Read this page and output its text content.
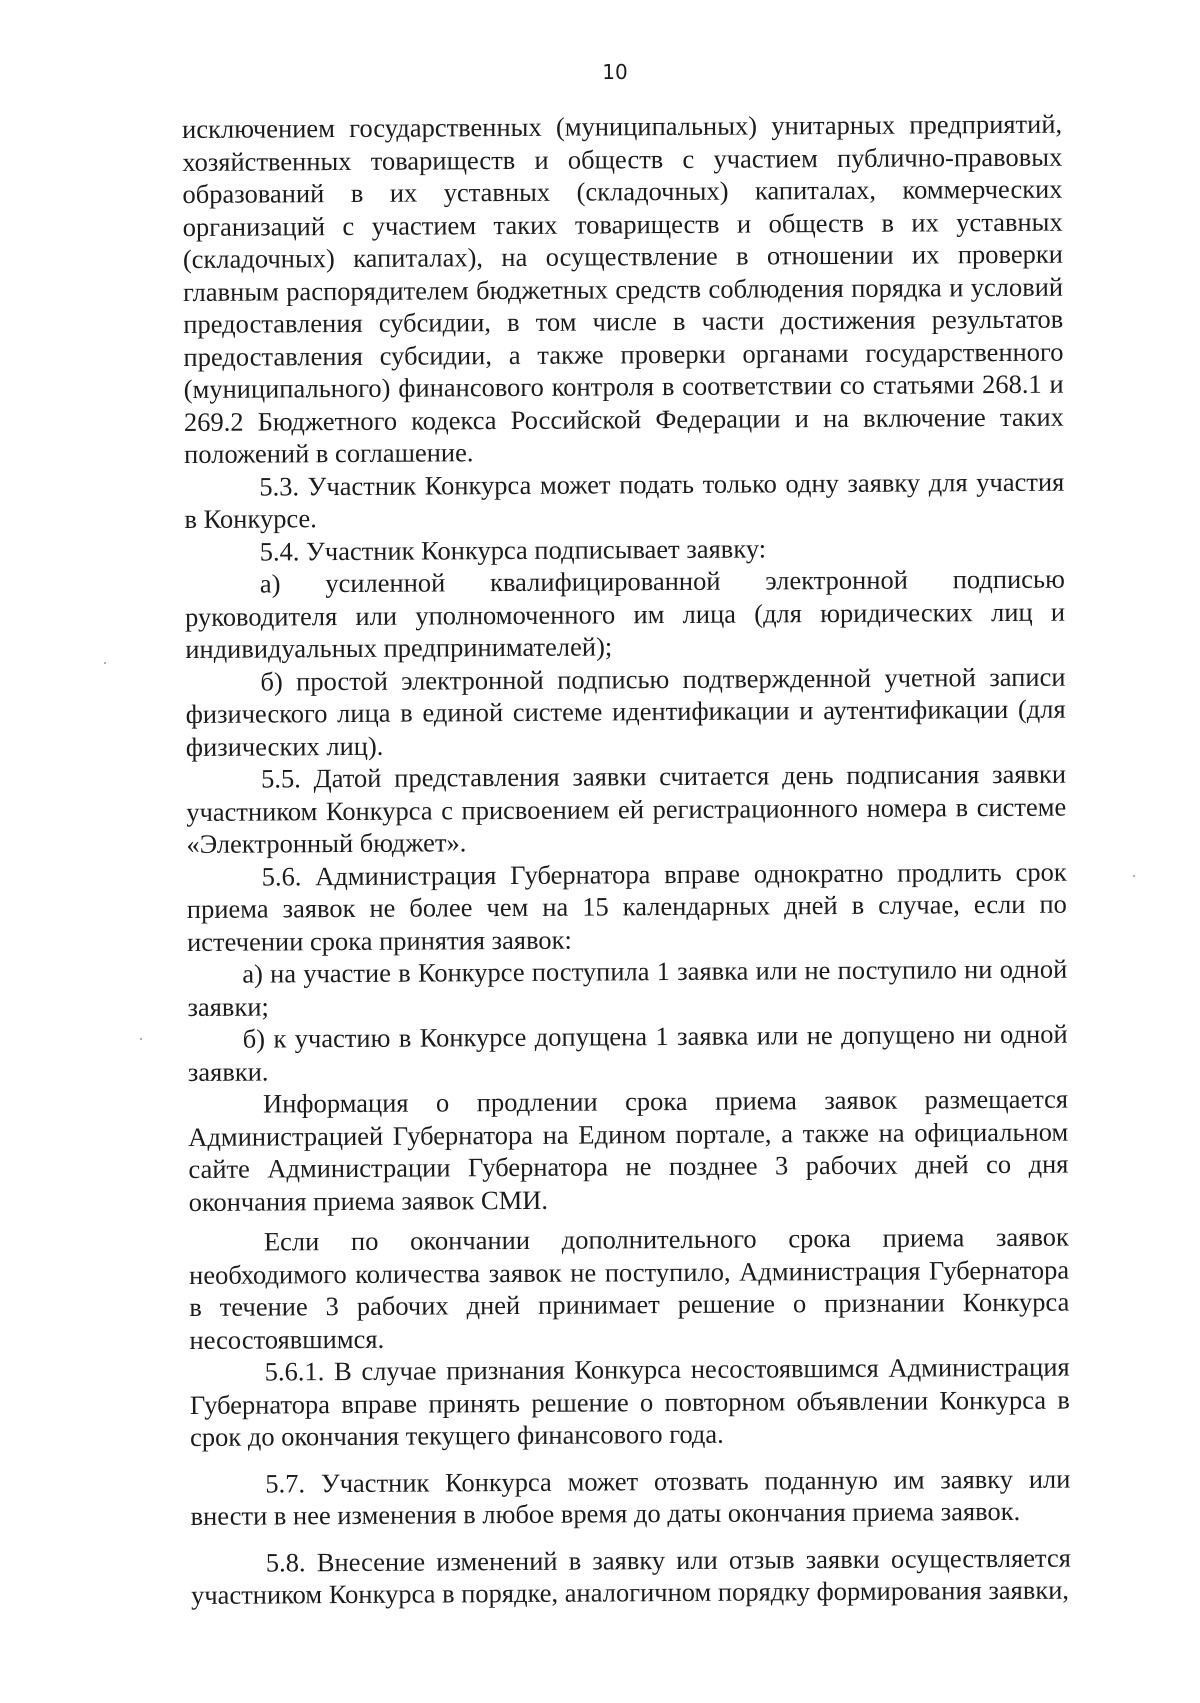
10

исключением государственных (муниципальных) унитарных предприятий, хозяйственных товариществ и обществ с участием публично-правовых образований в их уставных (складочных) капиталах, коммерческих организаций с участием таких товариществ и обществ в их уставных (складочных) капиталах), на осуществление в отношении их проверки главным распорядителем бюджетных средств соблюдения порядка и условий предоставления субсидии, в том числе в части достижения результатов предоставления субсидии, а также проверки органами государственного (муниципального) финансового контроля в соответствии со статьями 268.1 и 269.2 Бюджетного кодекса Российской Федерации и на включение таких положений в соглашение.

5.3. Участник Конкурса может подать только одну заявку для участия в Конкурсе.

5.4. Участник Конкурса подписывает заявку:

а) усиленной квалифицированной электронной подписью руководителя или уполномоченного им лица (для юридических лиц и индивидуальных предпринимателей);

б) простой электронной подписью подтвержденной учетной записи физического лица в единой системе идентификации и аутентификации (для физических лиц).

5.5. Датой представления заявки считается день подписания заявки участником Конкурса с присвоением ей регистрационного номера в системе «Электронный бюджет».

5.6. Администрация Губернатора вправе однократно продлить срок приема заявок не более чем на 15 календарных дней в случае, если по истечении срока принятия заявок:

а) на участие в Конкурсе поступила 1 заявка или не поступило ни одной заявки;

б) к участию в Конкурсе допущена 1 заявка или не допущено ни одной заявки.

Информация о продлении срока приема заявок размещается Администрацией Губернатора на Едином портале, а также на официальном сайте Администрации Губернатора не позднее 3 рабочих дней со дня окончания приема заявок СМИ.

Если по окончании дополнительного срока приема заявок необходимого количества заявок не поступило, Администрация Губернатора в течение 3 рабочих дней принимает решение о признании Конкурса несостоявшимся.

5.6.1. В случае признания Конкурса несостоявшимся Администрация Губернатора вправе принять решение о повторном объявлении Конкурса в срок до окончания текущего финансового года.

5.7. Участник Конкурса может отозвать поданную им заявку или внести в нее изменения в любое время до даты окончания приема заявок.

5.8. Внесение изменений в заявку или отзыв заявки осуществляется участником Конкурса в порядке, аналогичном порядку формирования заявки,
